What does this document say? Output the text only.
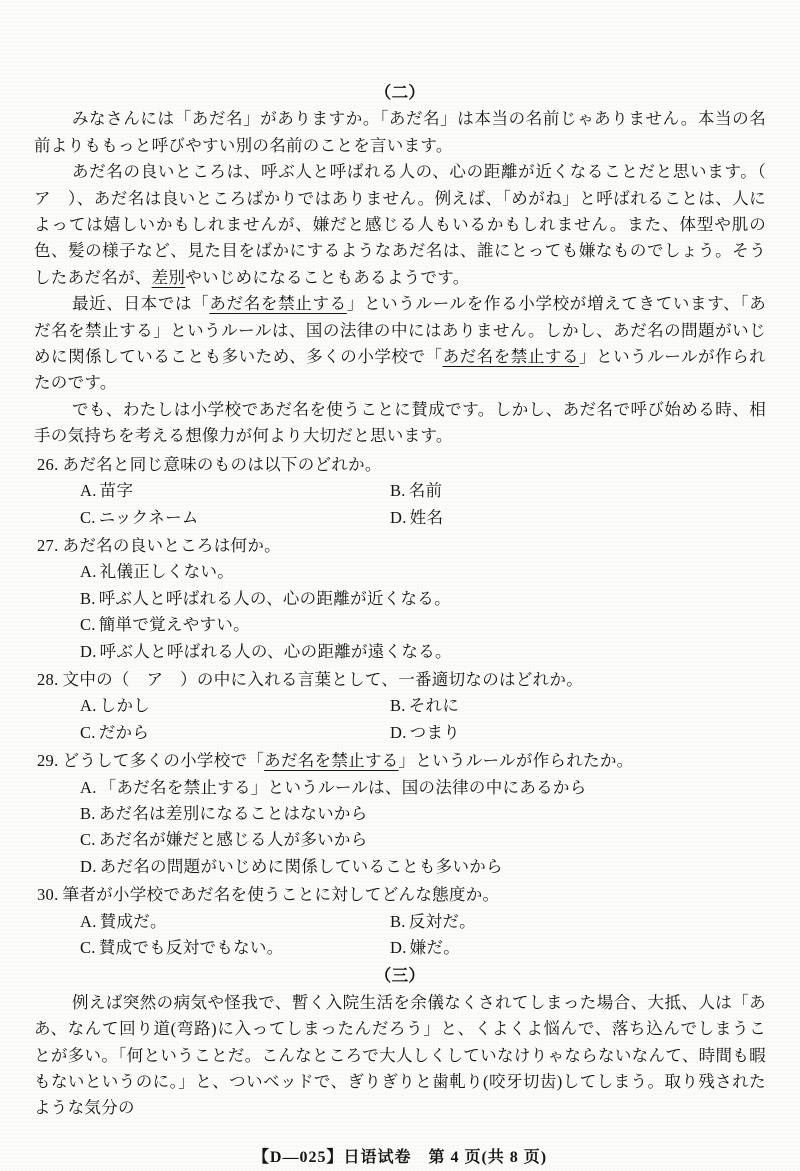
（二）

みなさんには「あだ名」がありますか。「あだ名」は本当の名前じゃありません。本当の名前よりももっと呼びやすい別の名前のことを言います。

あだ名の良いところは、呼ぶ人と呼ばれる人の、心の距離が近くなることだと思います。（　ア　）、あだ名は良いところばかりではありません。例えば、「めがね」と呼ばれることは、人によっては嬉しいかもしれませんが、嫌だと感じる人もいるかもしれません。また、体型や肌の色、髪の様子など、見た目をばかにするようなあだ名は、誰にとっても嫌なものでしょう。そうしたあだ名が、差別やいじめになることもあるようです。

最近、日本では「あだ名を禁止する」というルールを作る小学校が増えてきています、「あだ名を禁止する」というルールは、国の法律の中にはありません。しかし、あだ名の問題がいじめに関係していることも多いため、多くの小学校で「あだ名を禁止する」というルールが作られたのです。

でも、わたしは小学校であだ名を使うことに賛成です。しかし、あだ名で呼び始める時、相手の気持ちを考える想像力が何より大切だと思います。

26. あだ名と同じ意味のものは以下のどれか。
A. 苗字	B. 名前
C. ニックネーム	D. 姓名
27. あだ名の良いところは何か。
A. 礼儀正しくない。
B. 呼ぶ人と呼ばれる人の、心の距離が近くなる。
C. 簡単で覚えやすい。
D. 呼ぶ人と呼ばれる人の、心の距離が遠くなる。
28. 文中の（　ア　）の中に入れる言葉として、一番適切なのはどれか。
A. しかし	B. それに
C. だから	D. つまり
29. どうして多くの小学校で「あだ名を禁止する」というルールが作られたか。
A. 「あだ名を禁止する」というルールは、国の法律の中にあるから
B. あだ名は差別になることはないから
C. あだ名が嫌だと感じる人が多いから
D. あだ名の問題がいじめに関係していることも多いから
30. 筆者が小学校であだ名を使うことに対してどんな態度か。
A. 賛成だ。	B. 反対だ。
C. 賛成でも反対でもない。	D. 嫌だ。
（三）

例えば突然の病気や怪我で、暫く入院生活を余儀なくされてしまった場合、大抵、人は「ああ、なんて回り道(弯路)に入ってしまったんだろう」と、くよくよ悩んで、落ち込んでしまうことが多い。「何ということだ。こんなところで大人しくしていなけりゃならないなんて、時間も暇もないというのに。」と、ついベッドで、ぎりぎりと歯軋り(咬牙切齿)してしまう。取り残されたような気分の

【D—025】日语试卷　第 4 页(共 8 页)
